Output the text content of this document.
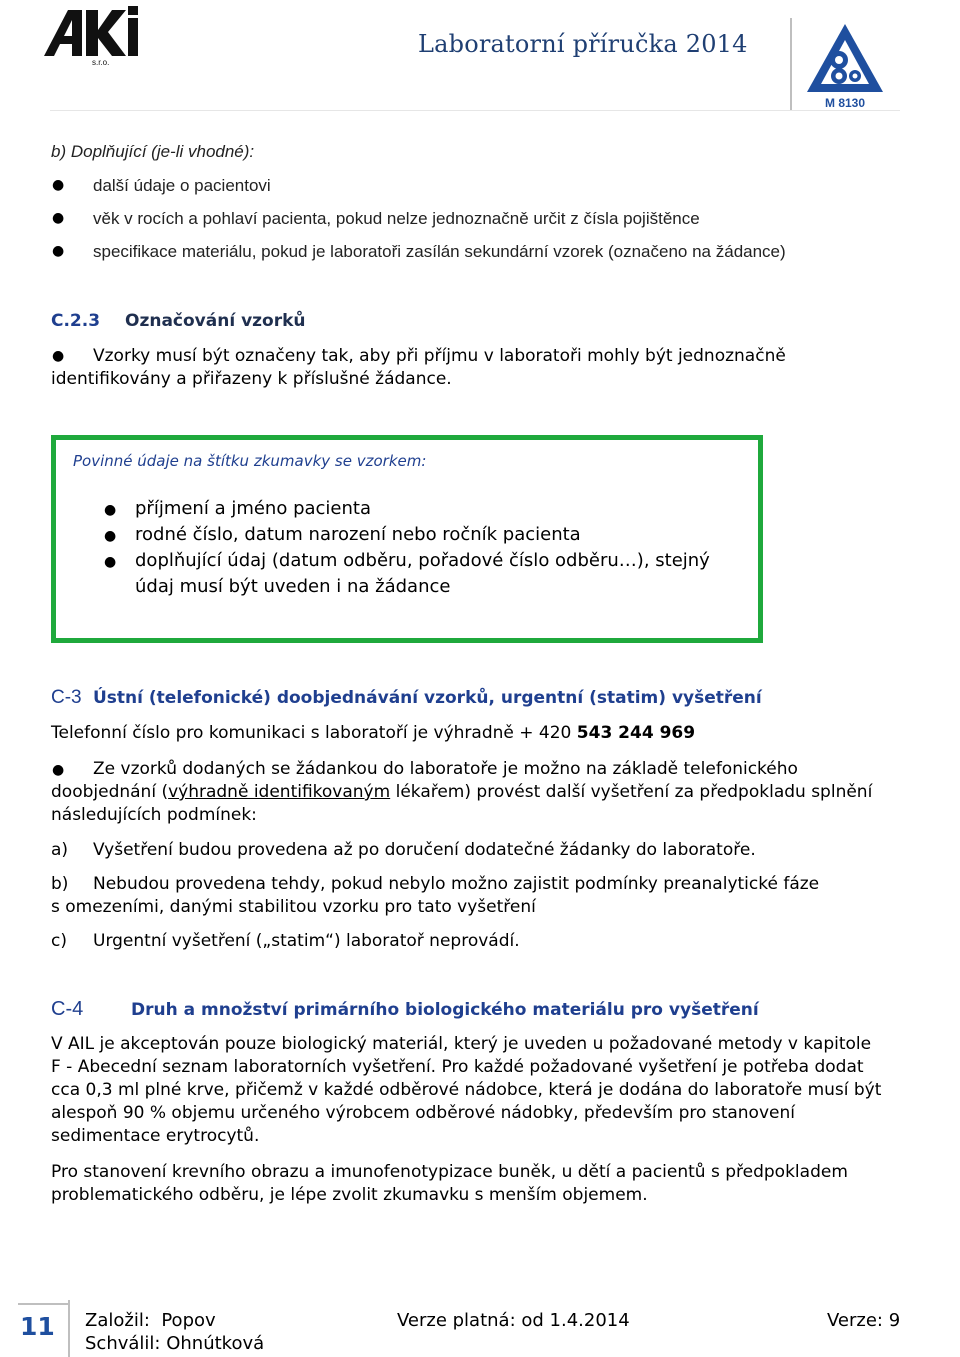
s.r.o.
Laboratorní příručka 2014
M 8130
b) Doplňující (je-li vhodné):
● další údaje o pacientovi
● věk v rocích a pohlaví pacienta, pokud nelze jednoznačně určit z čísla pojištěnce
● specifikace materiálu, pokud je laboratoři zasílán sekundární vzorek (označeno na žádance)
C.2.3 Označování vzorků
● Vzorky musí být označeny tak, aby při příjmu v laboratoři mohly být jednoznačně
identifikovány a přiřazeny k příslušné žádance.
Povinné údaje na štítku zkumavky se vzorkem:
● příjmení a jméno pacienta
● rodné číslo, datum narození nebo ročník pacienta
● doplňující údaj (datum odběru, pořadové číslo odběru…), stejný
údaj musí být uveden i na žádance
C-3 Ústní (telefonické) doobjednávání vzorků, urgentní (statim) vyšetření
Telefonní číslo pro komunikaci s laboratoří je výhradně + 420 543 244 969
● Ze vzorků dodaných se žádankou do laboratoře je možno na základě telefonického
doobjednání (výhradně identifikovaným lékařem) provést další vyšetření za předpokladu splnění
následujících podmínek:
a) Vyšetření budou provedena až po doručení dodatečné žádanky do laboratoře.
b) Nebudou provedena tehdy, pokud nebylo možno zajistit podmínky preanalytické fáze
s omezeními, danými stabilitou vzorku pro tato vyšetření
c) Urgentní vyšetření („statim“) laboratoř neprovádí.
C-4	Druh a množství primárního biologického materiálu pro vyšetření
V AIL je akceptován pouze biologický materiál, který je uveden u požadované metody v kapitole
F - Abecední seznam laboratorních vyšetření. Pro každé požadované vyšetření je potřeba dodat
cca 0,3 ml plné krve, přičemž v každé odběrové nádobce, která je dodána do laboratoře musí být
alespoň 90 % objemu určeného výrobcem odběrové nádobky, především pro stanovení
sedimentace erytrocytů.
Pro stanovení krevního obrazu a imunofenotypizace buněk, u dětí a pacientů s předpokladem
problematického odběru, je lépe zvolit zkumavku s menším objemem.
11 Založil: Popov
Schválil: Ohnútková
Verze platná: od 1.4.2014	Verze: 9
